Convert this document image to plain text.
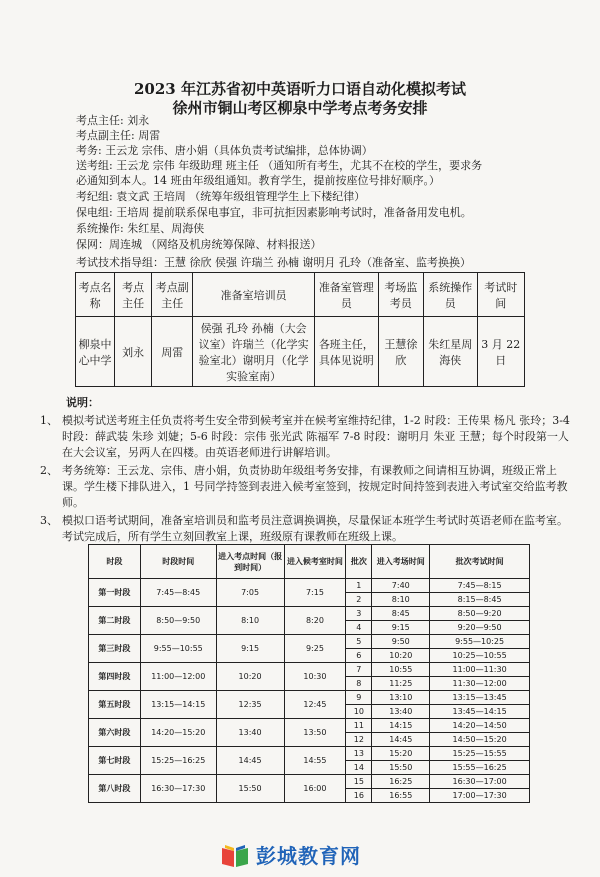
2023 年江苏省初中英语听力口语自动化模拟考试
徐州市铜山考区柳泉中学考点考务安排
考点主任: 刘永
考点副主任: 周雷
考务: 王云龙 宗伟、唐小娟（具体负责考试编排，总体协调）
送考组: 王云龙 宗伟 年级助理 班主任 （通知所有考生，尤其不在校的学生，要求务
必通知到本人。14 班由年级组通知。教育学生，提前按座位号排好顺序。）
考纪组: 袁文武 王培周 （统筹年级组管理学生上下楼纪律）
保电组: 王培周 提前联系保电事宜，非可抗拒因素影响考试时，准备备用发电机。
系统操作: 朱红星、周海侠
保网：周连城 （网络及机房统筹保障、材料报送）
考试技术指导组：王慧 徐欣 侯强 许瑞兰 孙楠 谢明月 孔玲（准备室、监考换换）
考点名称	考点主任	考点副主任	准备室培训员	准备室管理员	考场监考员	系统操作员	考试时间
柳泉中心中学	刘永	周雷	侯强 孔玲 孙楠（大会议室）许瑞兰（化学实验室北）谢明月（化学实验室南）	各班主任，具体见说明	王慧徐欣	朱红星周海侠	3 月 22 日
说明：
1、 模拟考试送考班主任负责将考生安全带到候考室并在候考室维持纪律，1-2 时段：王传果 杨凡 张玲；3-4 时段：薛武装 朱珍 刘婕；5-6 时段：宗伟 张光武 陈福军 7-8 时段：谢明月 朱亚 王慧；每个时段第一人在大会议室，另两人在四楼。由英语老师进行讲解培训。
2、 考务统筹：王云龙、宗伟、唐小娟，负责协助年级组考务安排，有课教师之间请相互协调，班级正常上课。学生楼下排队进入，1 号同学持签到表进入候考室签到，按规定时间持签到表进入考试室交给监考教师。
3、 模拟口语考试期间，准备室培训员和监考员注意调换调换，尽量保证本班学生考试时英语老师在监考室。考试完成后，所有学生立刻回教室上课，班级原有课教师在班级上课。
时段	时段时间	进入考点时间（报到时间）	进入候考室时间	批次	进入考场时间	批次考试时间
第一时段	7:45—8:45	7:05	7:15	1	7:40	7:45—8:15
				2	8:10	8:15—8:45
第二时段	8:50—9:50	8:10	8:20	3	8:45	8:50—9:20
				4	9:15	9:20—9:50
第三时段	9:55—10:55	9:15	9:25	5	9:50	9:55—10:25
				6	10:20	10:25—10:55
第四时段	11:00—12:00	10:20	10:30	7	10:55	11:00—11:30
				8	11:25	11:30—12:00
第五时段	13:15—14:15	12:35	12:45	9	13:10	13:15—13:45
				10	13:40	13:45—14:15
第六时段	14:20—15:20	13:40	13:50	11	14:15	14:20—14:50
				12	14:45	14:50—15:20
第七时段	15:25—16:25	14:45	14:55	13	15:20	15:25—15:55
				14	15:50	15:55—16:25
第八时段	16:30—17:30	15:50	16:00	15	16:25	16:30—17:00
				16	16:55	17:00—17:30
彭城教育网
